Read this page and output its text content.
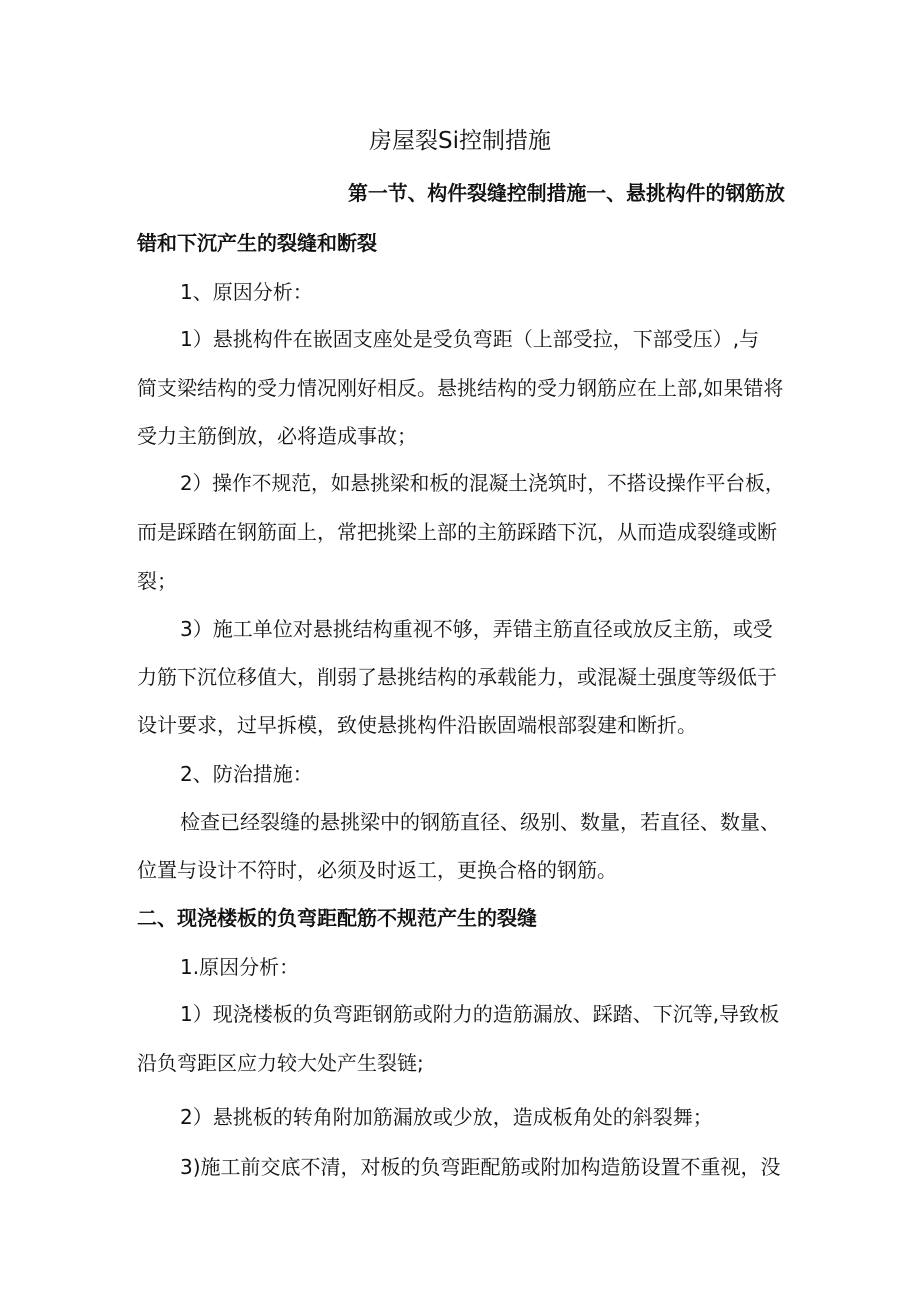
房屋裂Si控制措施

第一节、构件裂缝控制措施一、悬挑构件的钢筋放

错和下沉产生的裂缝和断裂

1、原因分析：

1）悬挑构件在嵌固支座处是受负弯距（上部受拉，下部受压）,与

简支梁结构的受力情况刚好相反。悬挑结构的受力钢筋应在上部,如果错将

受力主筋倒放，必将造成事故；

2）操作不规范，如悬挑梁和板的混凝土浇筑时，不搭设操作平台板，

而是踩踏在钢筋面上，常把挑梁上部的主筋踩踏下沉，从而造成裂缝或断

裂；

3）施工单位对悬挑结构重视不够，弄错主筋直径或放反主筋，或受

力筋下沉位移值大，削弱了悬挑结构的承载能力，或混凝土强度等级低于

设计要求，过早拆模，致使悬挑构件沿嵌固端根部裂建和断折。

2、防治措施：

检查已经裂缝的悬挑梁中的钢筋直径、级别、数量，若直径、数量、

位置与设计不符时，必须及时返工，更换合格的钢筋。

二、现浇楼板的负弯距配筋不规范产生的裂缝

1.原因分析：

1）现浇楼板的负弯距钢筋或附力的造筋漏放、踩踏、下沉等,导致板

沿负弯距区应力较大处产生裂链;

2）悬挑板的转角附加筋漏放或少放，造成板角处的斜裂舞；

3)施工前交底不清，对板的负弯距配筋或附加构造筋设置不重视，没
